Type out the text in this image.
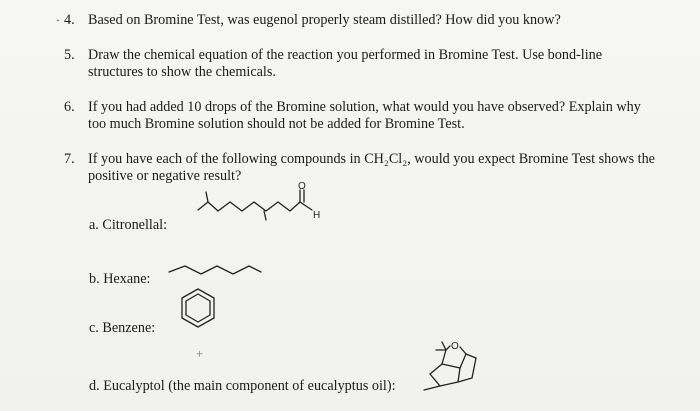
· 4. Based on Bromine Test, was eugenol properly steam distilled? How did you know?
5. Draw the chemical equation of the reaction you performed in Bromine Test. Use bond-line structures to show the chemicals.
6. If you had added 10 drops of the Bromine solution, what would you have observed? Explain why too much Bromine solution should not be added for Bromine Test.
7. If you have each of the following compounds in CH₂Cl₂, would you expect Bromine Test shows the positive or negative result?
a. Citronellal:
O
H
b. Hexane:
c. Benzene:
+
d. Eucalyptol (the main component of eucalyptus oil):
O
